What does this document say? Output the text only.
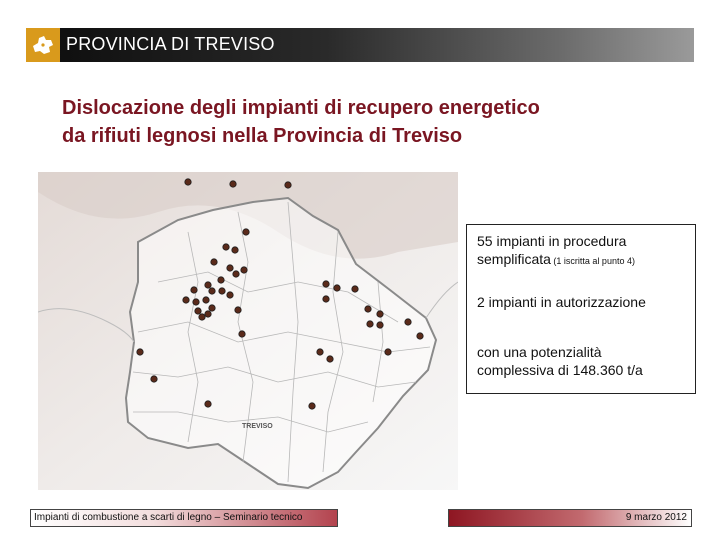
PROVINCIA DI TREVISO
Dislocazione degli impianti di recupero energetico
da rifiuti legnosi nella Provincia di Treviso
TREVISO
55 impianti in procedura
semplificata (1 iscritta al punto 4)
2 impianti in autorizzazione
con una potenzialità
complessiva di 148.360 t/a
Impianti di combustione a scarti di legno – Seminario tecnico	9 marzo 2012
